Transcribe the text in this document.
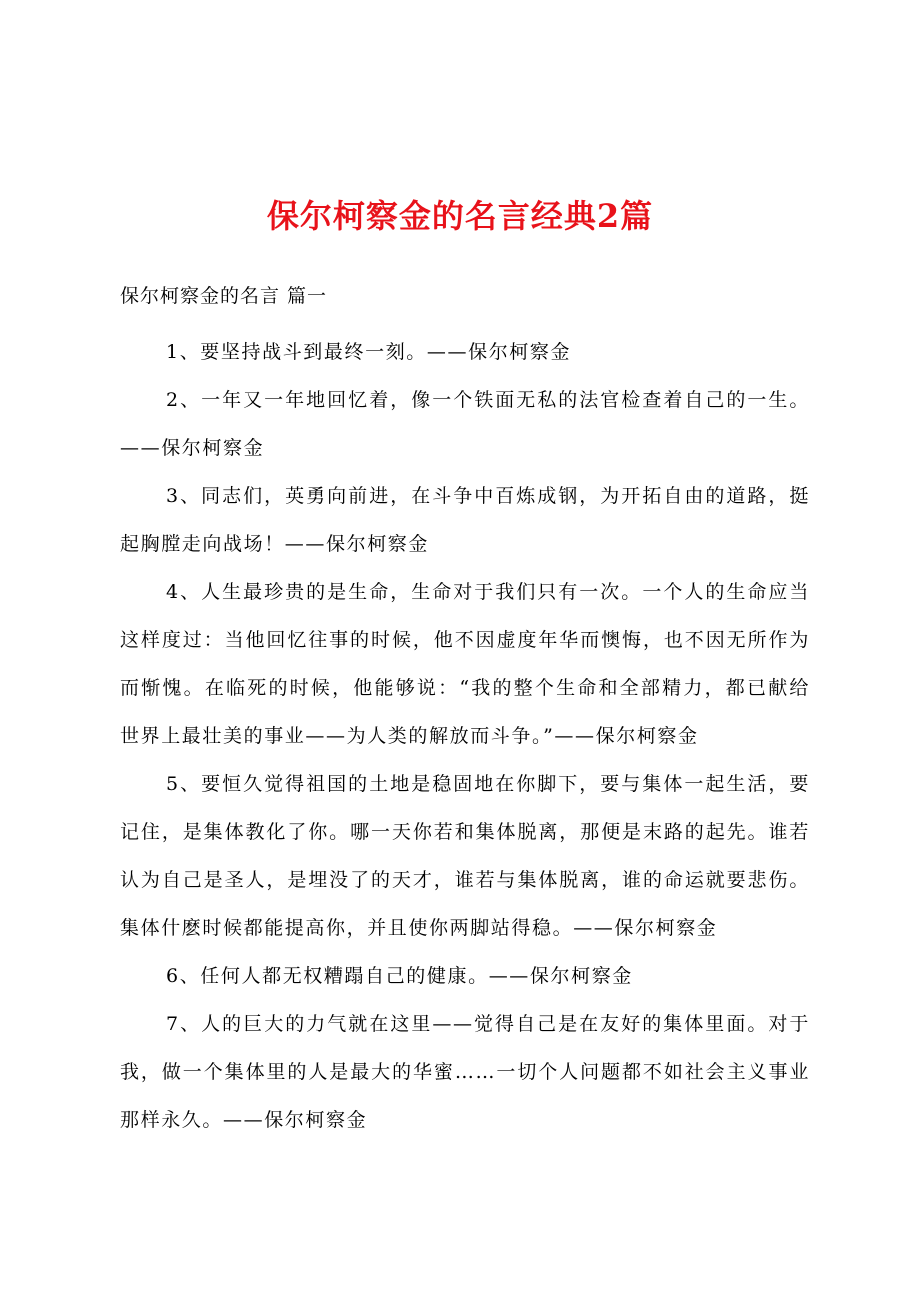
保尔柯察金的名言经典2篇

保尔柯察金的名言 篇一

1、要坚持战斗到最终一刻。——保尔柯察金

2、一年又一年地回忆着，像一个铁面无私的法官检查着自己的一生。——保尔柯察金

3、同志们，英勇向前进，在斗争中百炼成钢，为开拓自由的道路，挺起胸膛走向战场！——保尔柯察金

4、人生最珍贵的是生命，生命对于我们只有一次。一个人的生命应当这样度过：当他回忆往事的时候，他不因虚度年华而懊悔，也不因无所作为而惭愧。在临死的时候，他能够说：“我的整个生命和全部精力，都已献给世界上最壮美的事业——为人类的解放而斗争。”——保尔柯察金

5、要恒久觉得祖国的土地是稳固地在你脚下，要与集体一起生活，要记住，是集体教化了你。哪一天你若和集体脱离，那便是末路的起先。谁若认为自己是圣人，是埋没了的天才，谁若与集体脱离，谁的命运就要悲伤。集体什麽时候都能提高你，并且使你两脚站得稳。——保尔柯察金

6、任何人都无权糟蹋自己的健康。——保尔柯察金

7、人的巨大的力气就在这里——觉得自己是在友好的集体里面。对于我，做一个集体里的人是最大的华蜜……一切个人问题都不如社会主义事业那样永久。——保尔柯察金
